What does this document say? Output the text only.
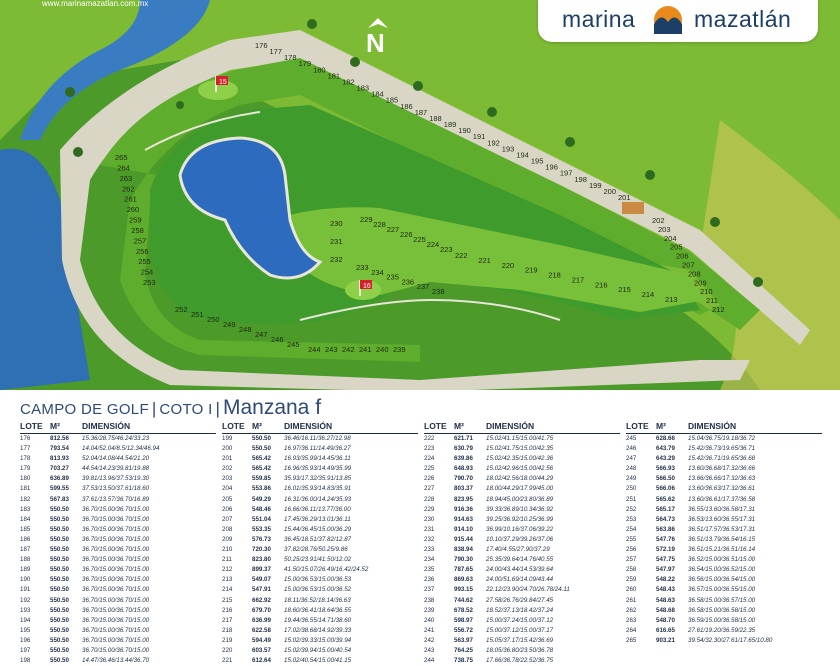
15
16
N
176
177
178
179
180
181
182
183
184
185
186
187
188
189
190
191
192
193
194
195
196
197
198
199
200
201
202
203
204
205
206
207
208
209
210
211
212
213
214
215
216
217
218
219
220
221
222
223
224
225
226
227
228
229
230
231
232
233
234
235
236
237
238
239
240
241
242
243
244
245
246
247
248
249
250
251
252
253
254
255
256
257
258
259
260
261
262
263
264
265
www.marinamazatlan.com.mx
marina	mazatlán
CAMPO DE GOLF | COTO I | Manzana f
LOTE M²	DIMENSIÓN
176	812.56	15.36/28.75/46.24/33.23
177	793.54	14.04/52.04/8.5/12.34/46.94
178	813.93	52.04/14.08/44.54/21.20
179	703.27	44.54/14.23/39.81/19.88
180	636.89	39.81/13.96/37.53/19.30
181	599.55	37.53/13.50/37.61/18.60
182	567.83	37.61/13.57/36.70/16.89
183	550.50	36.70/15.00/36.70/15.00
184	550.50	36.70/15.00/36.70/15.00
185	550.50	36.70/15.00/36.70/15.00
186	550.50	36.70/15.00/36.70/15.00
187	550.50	36.70/15.00/36.70/15.00
188	550.50	36.70/15.00/36.70/15.00
189	550.50	36.70/15.00/36.70/15.00
190	550.50	36.70/15.00/36.70/15.00
191	550.50	36.70/15.00/36.70/15.00
192	550.50	36.70/15.00/36.70/15.00
193	550.50	36.70/15.00/36.70/15.00
194	550.50	36.70/15.00/36.70/15.00
195	550.50	36.70/15.00/36.70/15.00
196	550.50	36.70/15.00/36.70/15.00
197	550.50	36.70/15.00/36.70/15.00
198	550.50	14.47/36.46/13.44/36.70
LOTE M²	DIMENSIÓN
199	550.50	36.46/16.11/36.27/12.98
200	550.50	16.97/36.11/14.49/36.27
201	565.42	16.93/35.99/14.45/36.11
202	565.42	16.96/35.93/14.49/35.99
203	559.85	35.93/17.32/35.91/13.85
204	553.86	16.01/35.93/14.83/35.91
205	549.29	16.31/36.00/14.24/35.93
206	548.46	16.66/36.11/13.77/36.00
207	551.04	17.45/36.29/13.01/36.11
208	553.35	15.44/36.45/15.00/36.29
209	576.73	36.45/18.51/37.82/12.87
210	720.30	37.82/28.76/50.25/9.86
211	823.80	50.25/23.91/41.50/12.02
212	899.37	41.50/15.07/26.49/16.42/24.52
213	549.07	15.00/36.53/15.00/36.53
214	547.91	15.00/36.53/15.00/36.52
215	662.92	18.11/36.52/18.14/36.63
216	679.70	18.60/36.41/18.64/36.55
217	636.99	19.44/36.55/14.71/38.60
218	622.58	17.02/38.68/14.92/39.33
219	594.49	15.02/39.33/15.00/39.94
220	603.57	15.02/39.94/15.00/40.54
221	612.64	15.02/40.54/15.00/41.15
LOTE M²	DIMENSIÓN
222	621.71	15.02/41.15/15.00/41.75
223	630.79	15.02/41.75/15.00/42.35
224	639.86	15.02/42.35/15.00/42.36
225	648.93	15.02/42.96/15.00/42.56
226	790.70	18.02/42.56/18.00/44.29
227	803.37	18.00/44.29/17.99/45.00
228	823.95	18.94/45.00/23.80/36.89
229	916.36	39.33/36.89/10.34/36.92
230	914.63	39.25/36.92/10.25/36.99
231	914.10	36.99/10.16/37.06/39.22
232	915.44	10.10/37.29/39.26/37.06
233	838.94	17.40/4.55/27.90/37.29
234	790.30	25.35/39.64/14.76/40.55
235	787.65	24.00/43.44/14.53/39.64
236	869.63	24.00/51.69/14.09/43.44
237	993.15	22.12/23.90/24.70/26.78/24.11
238	744.62	27.58/26.76/29.84/27.45
239	678.52	18.52/37.13/18.42/37.24
240	598.97	15.00/37.24/15.00/37.12
241	556.72	15.00/37.12/15.00/37.17
242	563.97	15.05/37.17/15.42/36.69
243	764.25	18.05/36.80/23.50/36.78
244	738.75	17.66/36.78/22.52/36.75
LOTE M²	DIMENSIÓN
245	628.66	15.04/36.75/19.18/36.72
246	643.79	15.42/36.73/19.65/36.71
247	643.29	15.42/36.71/19.65/36.68
248	566.93	13.60/36.68/17.32/36.66
249	566.50	13.66/36.66/17.32/36.63
250	566.06	13.60/36.63/17.32/36.61
251	565.62	13.60/36.61/17.37/36.58
252	565.17	36.55/13.60/36.58/17.31
253	564.73	36.53/13.60/36.55/17.31
254	563.86	36.51/17.57/36.53/17.31
255	547.76	36.51/13.79/36.54/16.15
256	572.19	36.51/15.21/36.51/16.14
257	547.75	36.52/15.00/36.51/15.00
258	547.97	36.54/15.00/36.52/15.00
259	548.22	36.56/15.00/36.54/15.00
260	548.43	36.57/15.00/36.55/15.00
261	548.63	36.58/15.00/36.57/15.00
262	548.68	36.58/15.00/36.58/15.00
263	548.70	36.59/15.00/36.58/15.00
264	616.65	27.61/19.20/36.59/22.35
265	903.21	39.54/32.30/27.61/17.65/10.80
